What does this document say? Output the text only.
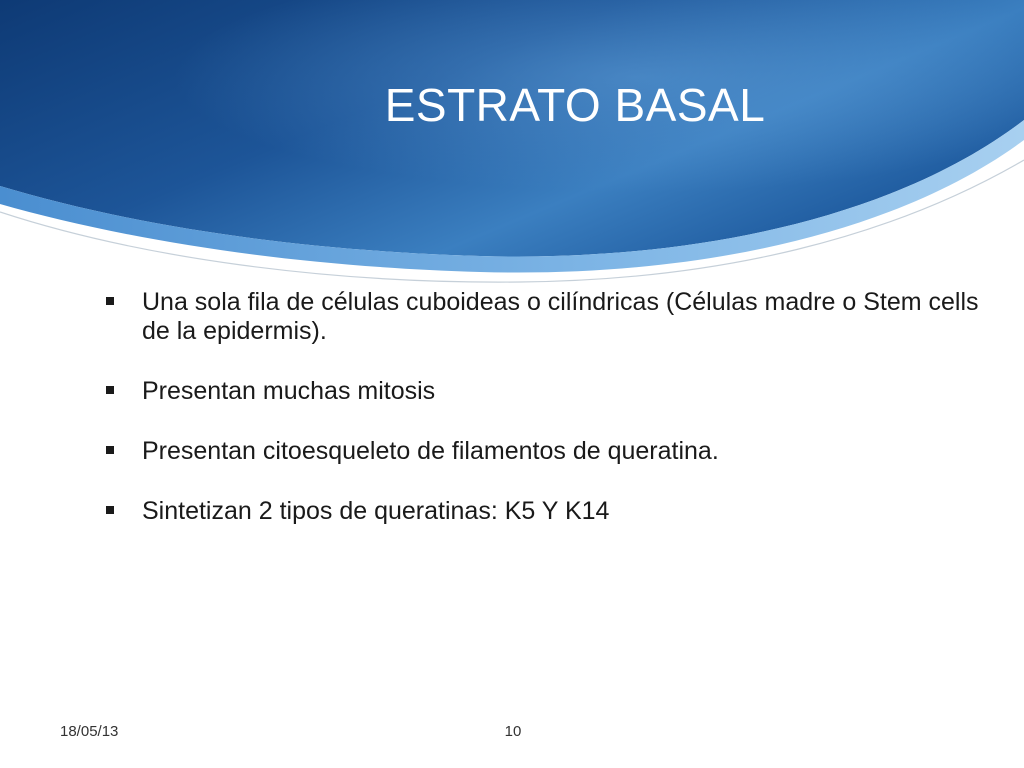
ESTRATO BASAL
Una sola fila de células cuboideas o cilíndricas (Células madre o Stem cells de la epidermis).
Presentan muchas mitosis
Presentan citoesqueleto de filamentos de queratina.
Sintetizan 2 tipos de queratinas: K5 Y K14
18/05/13	10
